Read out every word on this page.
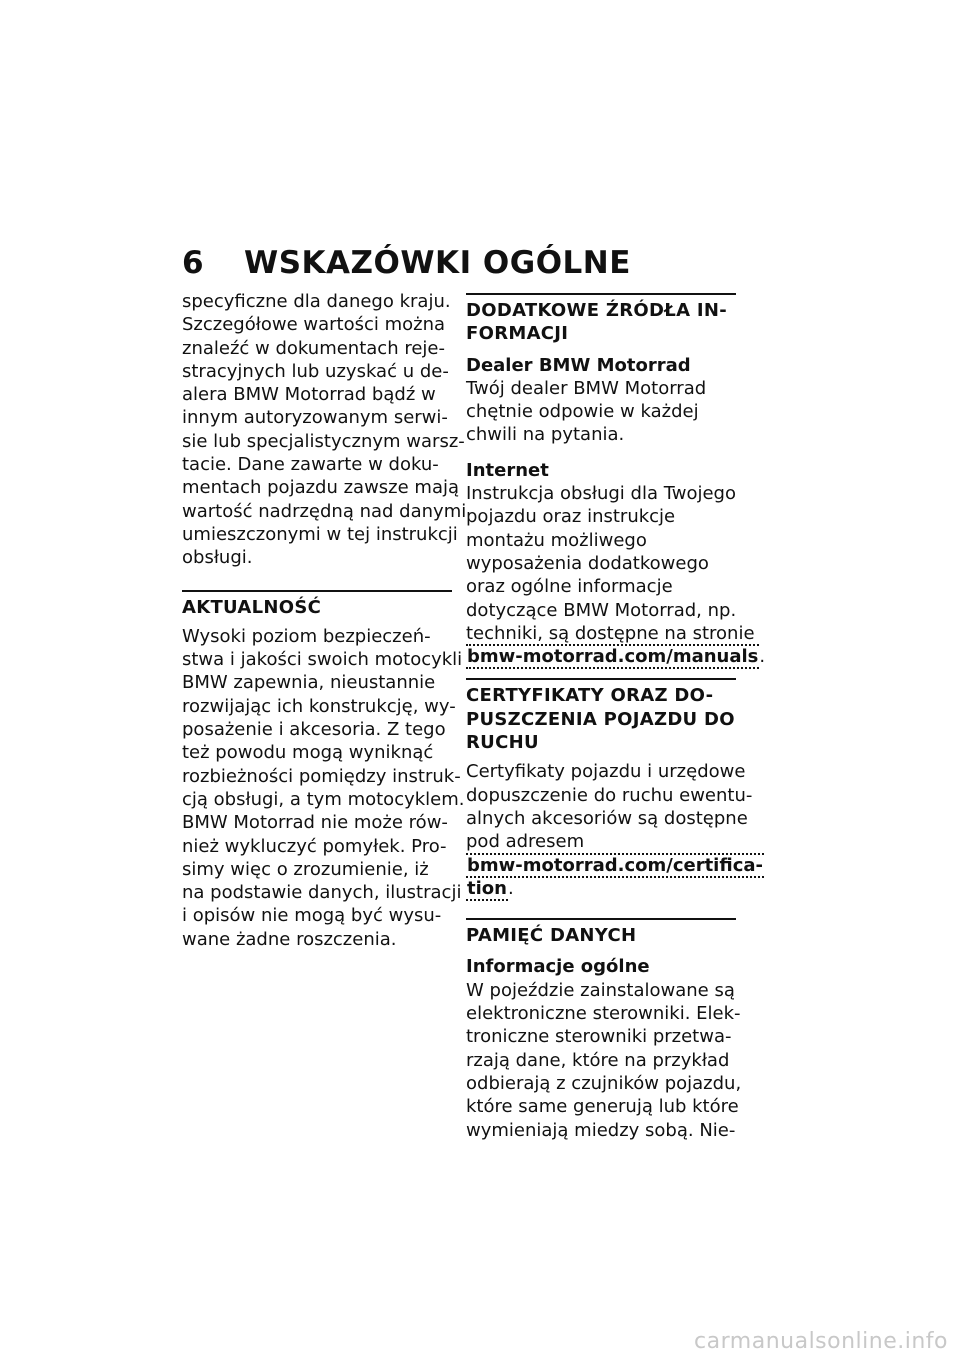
6 WSKAZÓWKI OGÓLNE
specyficzne dla danego kraju.
Szczegółowe wartości można
znaleźć w dokumentach reje-
stracyjnych lub uzyskać u de-
alera BMW Motorrad bądź w
innym autoryzowanym serwi-
sie lub specjalistycznym warsz-
tacie. Dane zawarte w doku-
mentach pojazdu zawsze mają
wartość nadrzędną nad danymi
umieszczonymi w tej instrukcji
obsługi.
AKTUALNOŚĆ
Wysoki poziom bezpieczeń-
stwa i jakości swoich motocykli
BMW zapewnia, nieustannie
rozwijając ich konstrukcję, wy-
posażenie i akcesoria. Z tego
też powodu mogą wyniknąć
rozbieżności pomiędzy instruk-
cją obsługi, a tym motocyklem.
BMW Motorrad nie może rów-
nież wykluczyć pomyłek. Pro-
simy więc o zrozumienie, iż
na podstawie danych, ilustracji
i opisów nie mogą być wysu-
wane żadne roszczenia.
DODATKOWE ŹRÓDŁA IN-
FORMACJI
Dealer BMW Motorrad
Twój dealer BMW Motorrad
chętnie odpowie w każdej
chwili na pytania.
Internet
Instrukcja obsługi dla Twojego
pojazdu oraz instrukcje
montażu możliwego
wyposażenia dodatkowego
oraz ogólne informacje
dotyczące BMW Motorrad, np.
techniki, są dostępne na stronie
bmw-motorrad.com/manuals.
CERTYFIKATY ORAZ DO-
PUSZCZENIA POJAZDU DO
RUCHU
Certyfikaty pojazdu i urzędowe
dopuszczenie do ruchu ewentu-
alnych akcesoriów są dostępne
pod adresem
bmw-motorrad.com/certifica-
tion.
PAMIĘĆ DANYCH
Informacje ogólne
W pojeździe zainstalowane są
elektroniczne sterowniki. Elek-
troniczne sterowniki przetwa-
rzają dane, które na przykład
odbierają z czujników pojazdu,
które same generują lub które
wymieniają miedzy sobą. Nie-
carmanualsonline.info
